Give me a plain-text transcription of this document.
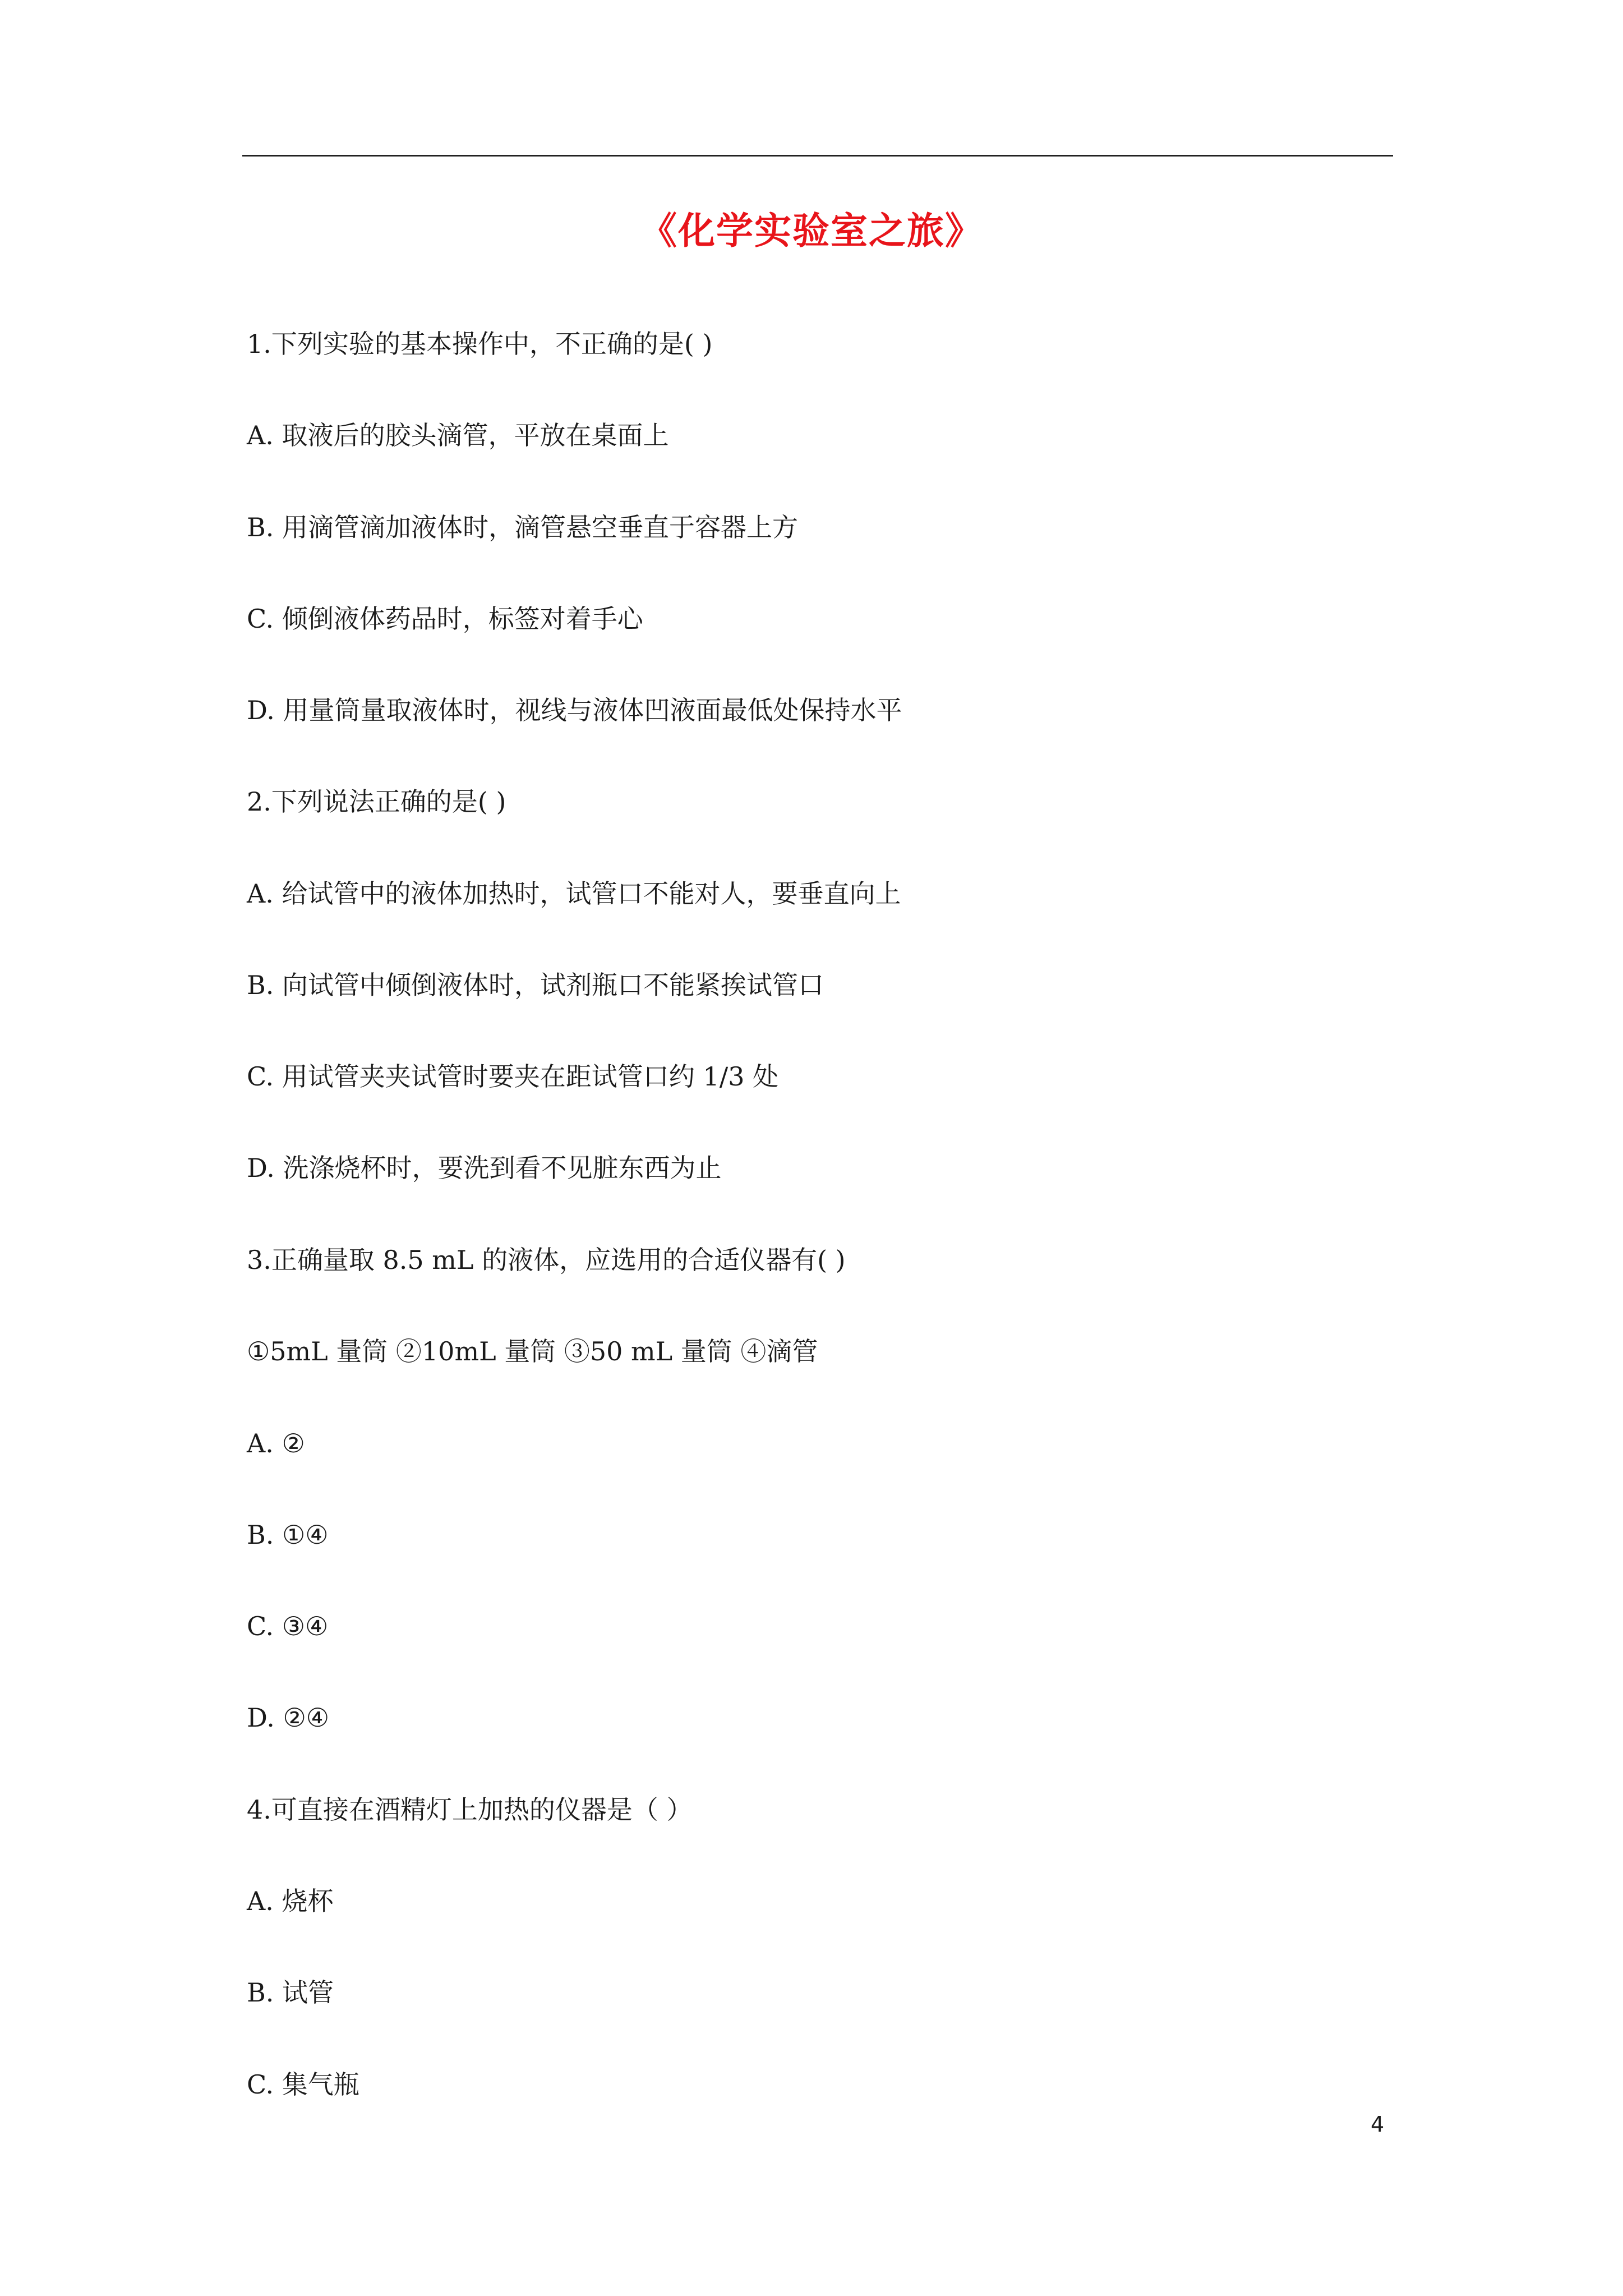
《化学实验室之旅》
1.下列实验的基本操作中，不正确的是( )
A. 取液后的胶头滴管，平放在桌面上
B. 用滴管滴加液体时，滴管悬空垂直于容器上方
C. 倾倒液体药品时，标签对着手心
D. 用量筒量取液体时，视线与液体凹液面最低处保持水平
2.下列说法正确的是( )
A. 给试管中的液体加热时，试管口不能对人，要垂直向上
B. 向试管中倾倒液体时，试剂瓶口不能紧挨试管口
C. 用试管夹夹试管时要夹在距试管口约 1/3 处
D. 洗涤烧杯时，要洗到看不见脏东西为止
3.正确量取 8.5 mL 的液体，应选用的合适仪器有( )
①5mL 量筒 ②10mL 量筒 ③50 mL 量筒 ④滴管
A. ②
B. ①④
C. ③④
D. ②④
4.可直接在酒精灯上加热的仪器是（ ）
A. 烧杯
B. 试管
C. 集气瓶
4
